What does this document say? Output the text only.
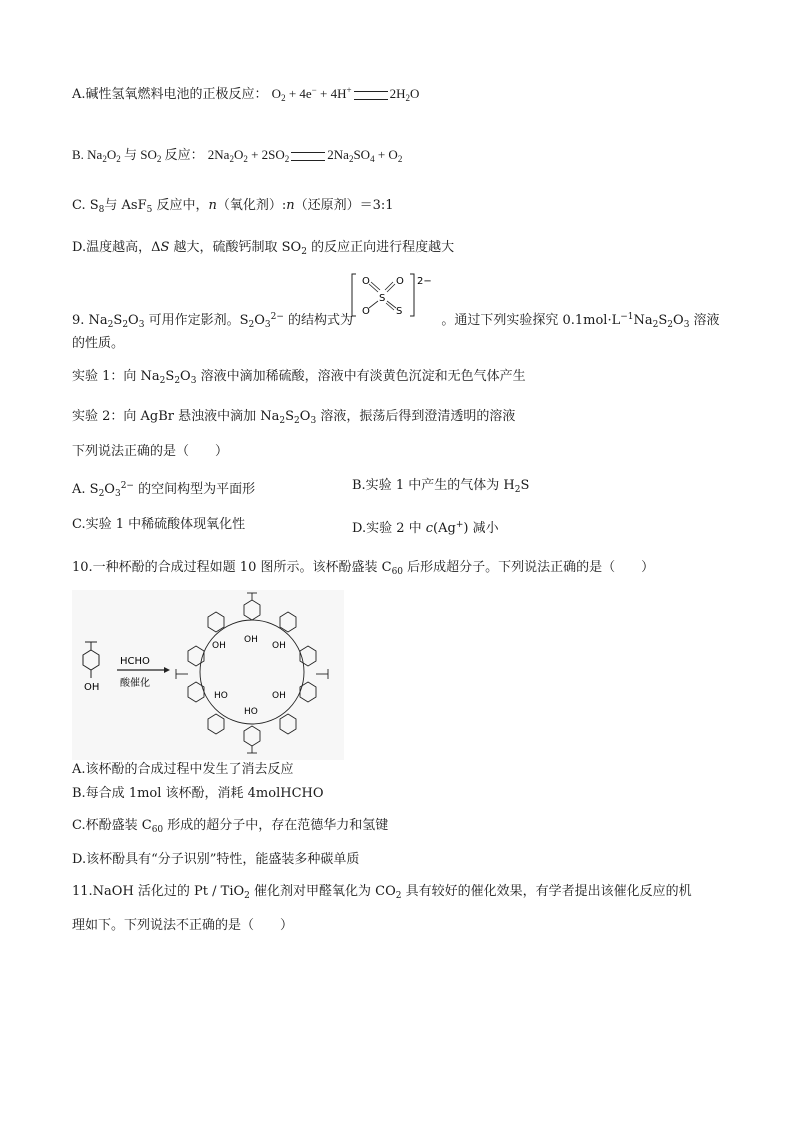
A.碱性氢氧燃料电池的正极反应： $O_2 + 4e^- + 4H^+$	$2H_2O$
B. $Na_2O_2$ 与 $SO_2$ 反应： $2Na_2O_2 + 2SO_2$	$2Na_2SO_4 + O_2$
C. $S_8$与 AsF$_5$ 反应中，n（氧化剂）:n（还原剂）＝3:1
D.温度越高，ΔS 越大，硫酸钙制取 $SO_2$ 的反应正向进行程度越大
9. $Na_2S_2O_3$ 可用作定影剂。$S_2O_3^{2-}$ 的结构式为	。通过下列实验探究 $0.1mol\cdot L^{-1}Na_2S_2O_3$ 溶液
O	O
S
O	S
2−
的性质。
实验 1：向 $Na_2S_2O_3$ 溶液中滴加稀硫酸，溶液中有淡黄色沉淀和无色气体产生
实验 2：向 AgBr 悬浊液中滴加 $Na_2S_2O_3$ 溶液，振荡后得到澄清透明的溶液
下列说法正确的是（　　）
A. $S_2O_3^{2-}$ 的空间构型为平面形	B.实验 1 中产生的气体为 $H_2S$
C.实验 1 中稀硫酸体现氧化性	D.实验 2 中 c(Ag+) 减小
10.一种杯酚的合成过程如题 10 图所示。该杯酚盛装 $C_{60}$ 后形成超分子。下列说法正确的是（　　）
OH
HCHO
酸催化
OH
OH
OH
HO
HO	OH
A.该杯酚的合成过程中发生了消去反应
B.每合成 1mol 该杯酚，消耗 4molHCHO
C.杯酚盛装 $C_{60}$ 形成的超分子中，存在范德华力和氢键
D.该杯酚具有“分子识别”特性，能盛装多种碳单质
11.NaOH 活化过的 Pt / TiO$_2$ 催化剂对甲醛氧化为 $CO_2$ 具有较好的催化效果，有学者提出该催化反应的机
理如下。下列说法不正确的是（　　）
